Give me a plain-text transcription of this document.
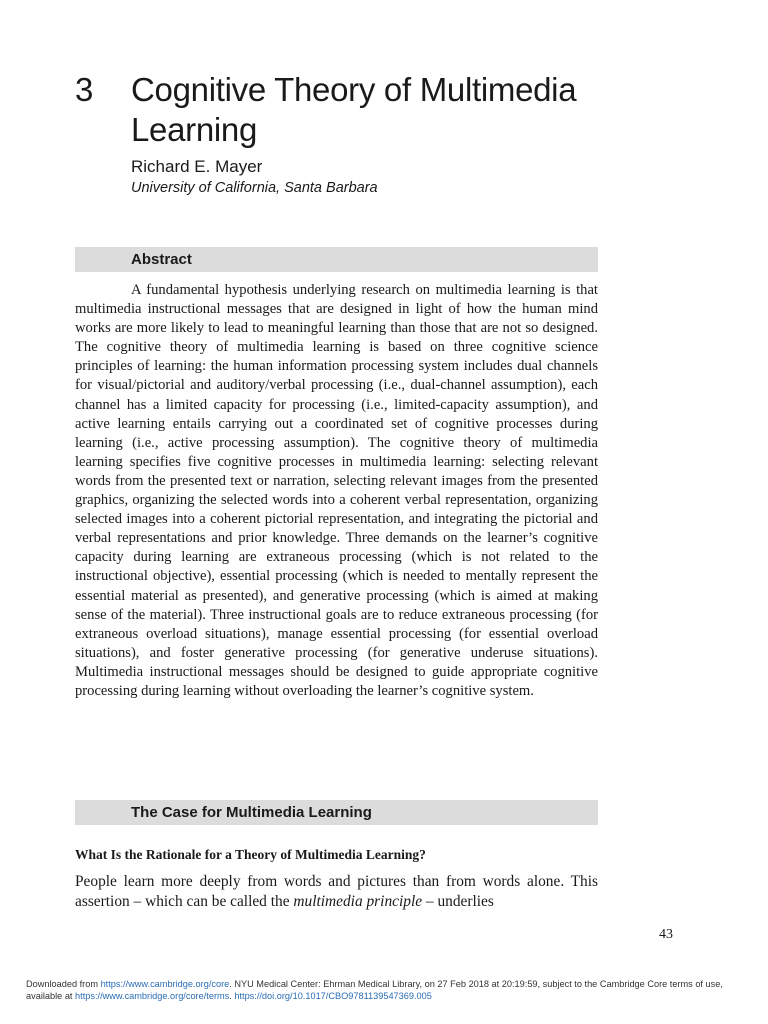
3 Cognitive Theory of Multimedia Learning
Richard E. Mayer
University of California, Santa Barbara
Abstract

A fundamental hypothesis underlying research on multimedia learning is that multimedia instructional messages that are designed in light of how the human mind works are more likely to lead to meaningful learning than those that are not so designed. The cognitive theory of multimedia learning is based on three cognitive science principles of learning: the human information processing system includes dual channels for visual/pictorial and auditory/verbal processing (i.e., dual-channel assumption), each channel has a limited capacity for processing (i.e., limited-capacity assumption), and active learning entails carrying out a coordinated set of cognitive processes during learning (i.e., active processing assumption). The cognitive theory of multimedia learning specifies five cognitive processes in multimedia learning: selecting relevant words from the presented text or narration, selecting relevant images from the presented graphics, organizing the selected words into a coherent verbal representation, organizing selected images into a coherent pictorial representation, and integrating the pictorial and verbal representations and prior knowledge. Three demands on the learner’s cognitive capacity during learning are extraneous processing (which is not related to the instructional objective), essential processing (which is needed to mentally represent the essential material as presented), and generative processing (which is aimed at making sense of the material). Three instructional goals are to reduce extraneous processing (for extraneous overload situations), manage essential processing (for essential overload situations), and foster generative processing (for generative underuse situations). Multimedia instructional messages should be designed to guide appropriate cognitive processing during learning without overloading the learner’s cognitive system.

The Case for Multimedia Learning
What Is the Rationale for a Theory of Multimedia Learning?

People learn more deeply from words and pictures than from words alone. This assertion – which can be called the multimedia principle – underlies

43
Downloaded from https://www.cambridge.org/core. NYU Medical Center: Ehrman Medical Library, on 27 Feb 2018 at 20:19:59, subject to the Cambridge Core terms of use, available at https://www.cambridge.org/core/terms. https://doi.org/10.1017/CBO9781139547369.005
